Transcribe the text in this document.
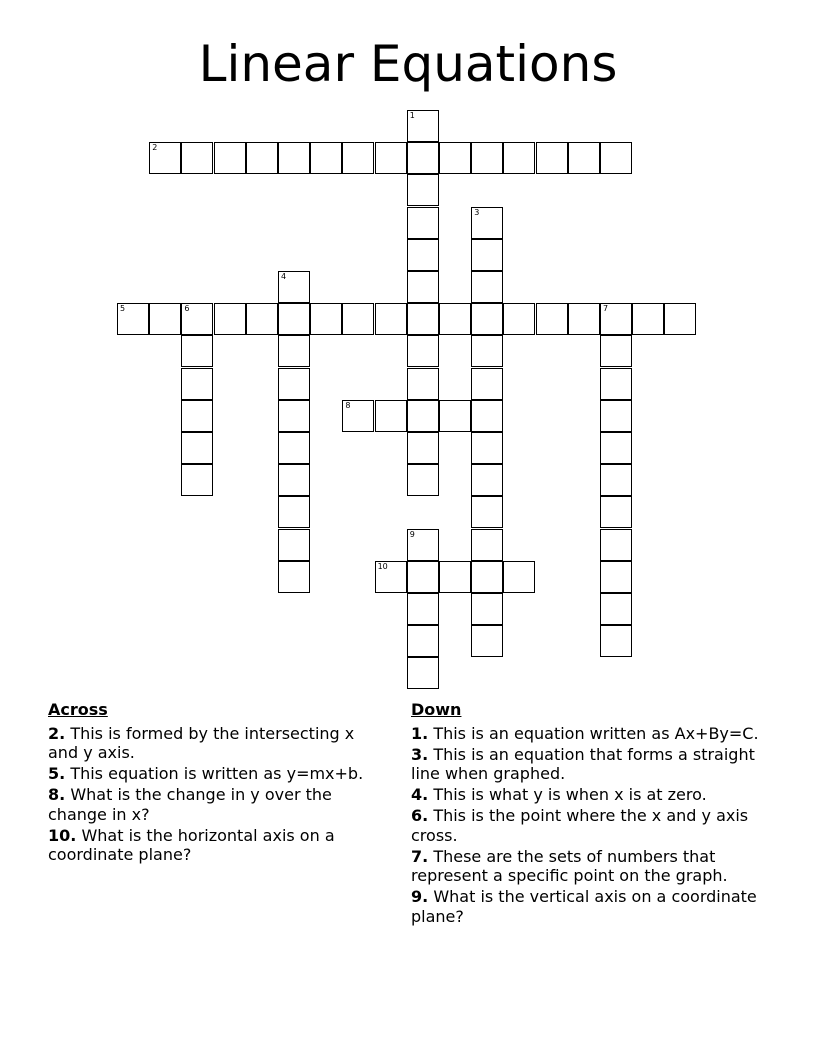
Linear Equations
1
2
3
4
5	6	7
8
9
10
Across
2. This is formed by the intersecting x and y axis.
5. This equation is written as y=mx+b.
8. What is the change in y over the change in x?
10. What is the horizontal axis on a coordinate plane?
Down
1. This is an equation written as Ax+By=C.
3. This is an equation that forms a straight line when graphed.
4. This is what y is when x is at zero.
6. This is the point where the x and y axis cross.
7. These are the sets of numbers that represent a specific point on the graph.
9. What is the vertical axis on a coordinate plane?
